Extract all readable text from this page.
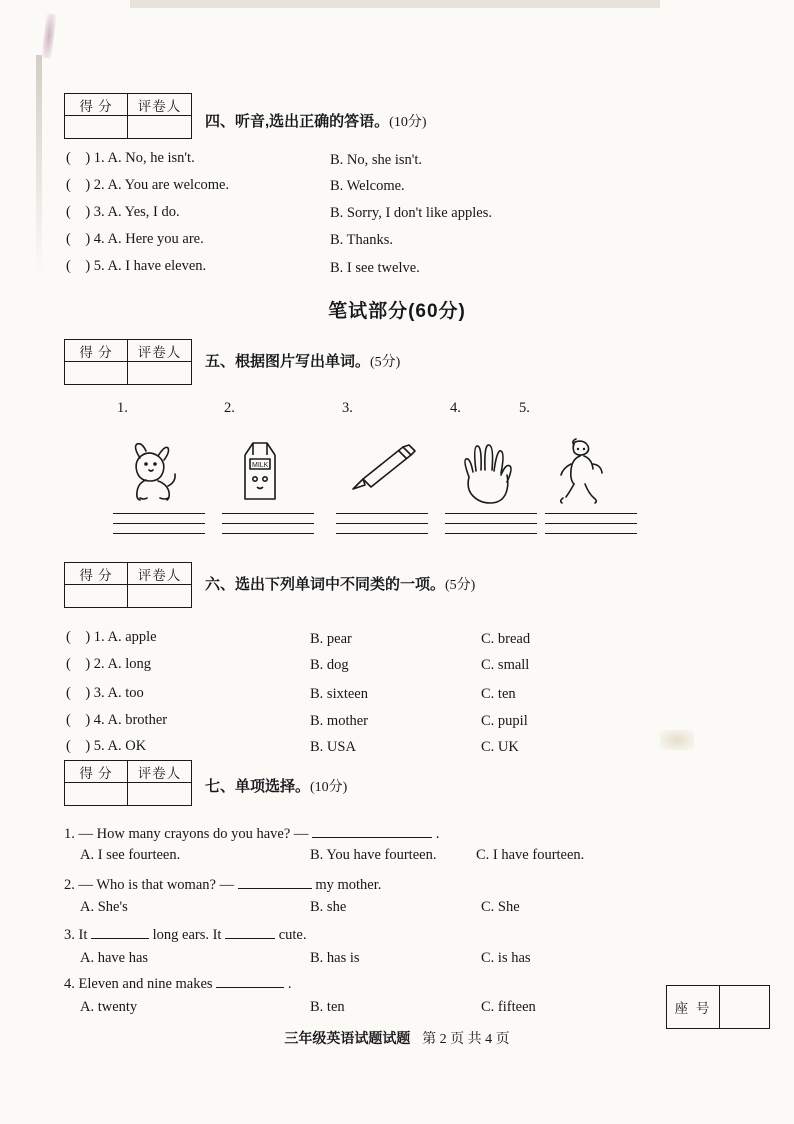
得 分	评卷人
四、听音,选出正确的答语。(10分)
(    ) 1. A. No, he isn't.	B. No, she isn't.
(    ) 2. A. You are welcome.	B. Welcome.
(    ) 3. A. Yes, I do.	B. Sorry, I don't like apples.
(    ) 4. A. Here you are.	B. Thanks.
(    ) 5. A. I have eleven.	B. I see twelve.
笔试部分(60分)
得 分	评卷人
五、根据图片写出单词。(5分)
1.	2.	3.	4.	5.
MILK
得 分	评卷人
六、选出下列单词中不同类的一项。(5分)
(    ) 1. A. apple	B. pear	C. bread
(    ) 2. A. long	B. dog	C. small
(    ) 3. A. too	B. sixteen	C. ten
(    ) 4. A. brother	B. mother	C. pupil
(    ) 5. A. OK	B. USA	C. UK
得 分	评卷人
七、单项选择。(10分)
1. — How many crayons do you have? —	.
A. I see fourteen.	B. You have fourteen.	C. I have fourteen.
2. — Who is that woman? —	my mother.
A. She's	B. she	C. She
3. It	long ears. It	cute.
A. have has	B. has is	C. is has
4. Eleven and nine makes	.
A. twenty	B. ten	C. fifteen	座 号
三年级英语试题试题 第 2 页 共 4 页
